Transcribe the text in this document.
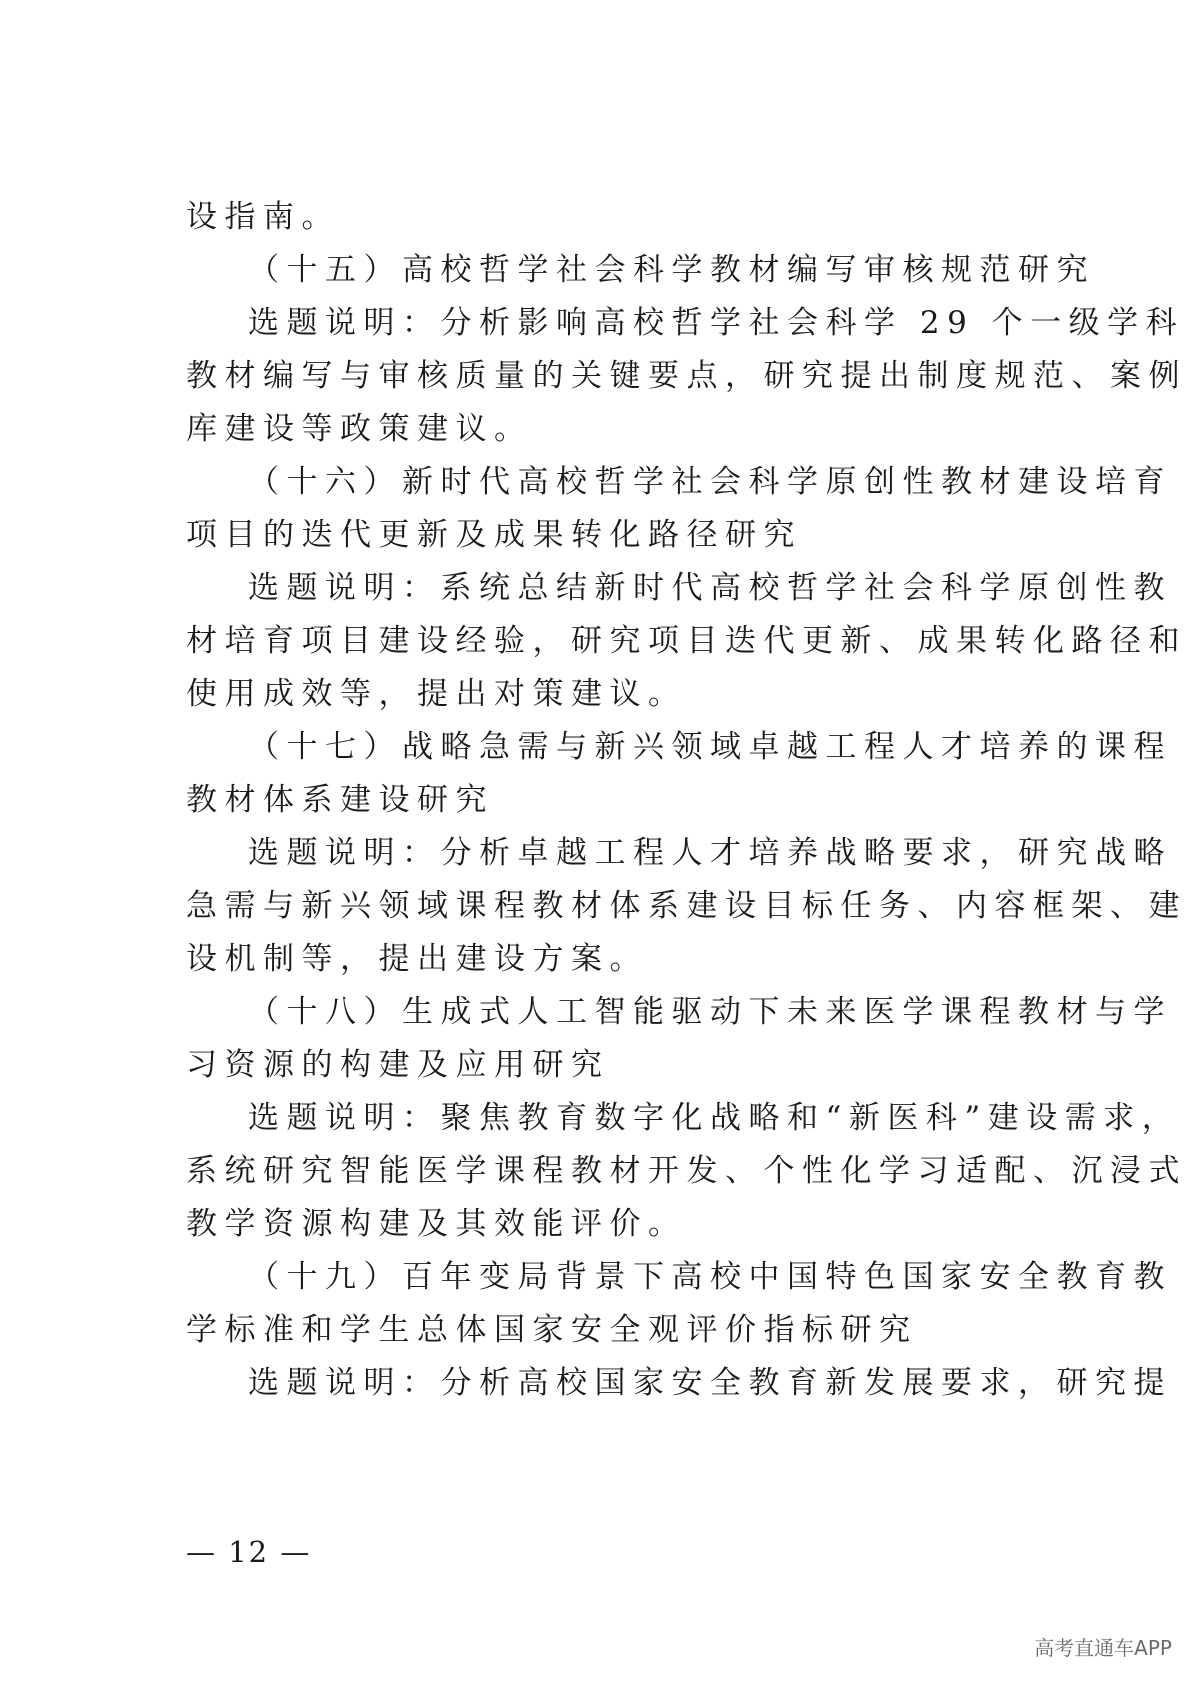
设指南。
（十五）高校哲学社会科学教材编写审核规范研究
选题说明：分析影响高校哲学社会科学 29 个一级学科
教材编写与审核质量的关键要点，研究提出制度规范、案例
库建设等政策建议。
（十六）新时代高校哲学社会科学原创性教材建设培育
项目的迭代更新及成果转化路径研究
选题说明：系统总结新时代高校哲学社会科学原创性教
材培育项目建设经验，研究项目迭代更新、成果转化路径和
使用成效等，提出对策建议。
（十七）战略急需与新兴领域卓越工程人才培养的课程
教材体系建设研究
选题说明：分析卓越工程人才培养战略要求，研究战略
急需与新兴领域课程教材体系建设目标任务、内容框架、建
设机制等，提出建设方案。
（十八）生成式人工智能驱动下未来医学课程教材与学
习资源的构建及应用研究
选题说明：聚焦教育数字化战略和“新医科”建设需求，
系统研究智能医学课程教材开发、个性化学习适配、沉浸式
教学资源构建及其效能评价。
（十九）百年变局背景下高校中国特色国家安全教育教
学标准和学生总体国家安全观评价指标研究
选题说明：分析高校国家安全教育新发展要求，研究提
— 12 —
高考直通车APP
